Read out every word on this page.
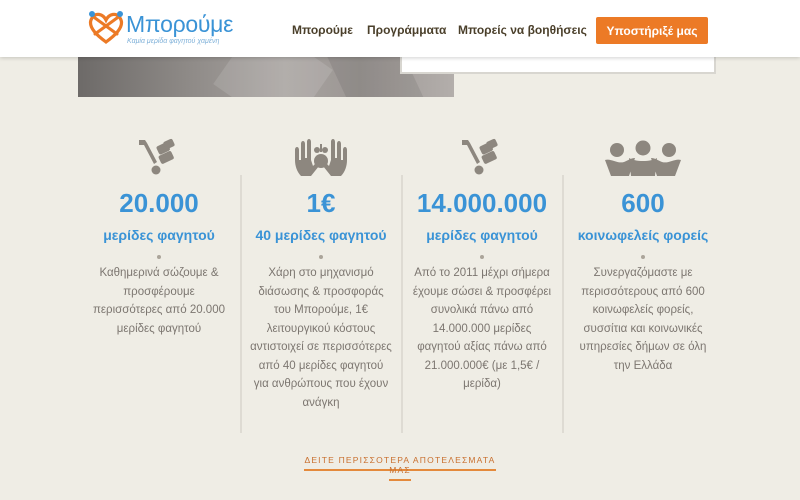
Μπορούμε
Καμία μερίδα φαγητού χαμένη
Μπορούμε Προγράμματα Μπορείς να βοηθήσεις	Υποστήριξέ μας
20.000
μερίδες φαγητού
Καθημερινά σώζουμε & προσφέρουμε περισσότερες από 20.000 μερίδες φαγητού
1€
40 μερίδες φαγητού
Χάρη στο μηχανισμό διάσωσης & προσφοράς του Μπορούμε, 1€ λειτουργικού κόστους αντιστοιχεί σε περισσότερες από 40 μερίδες φαγητού για ανθρώπους που έχουν ανάγκη
14.000.000
μερίδες φαγητού
Από το 2011 μέχρι σήμερα έχουμε σώσει & προσφέρει συνολικά πάνω από 14.000.000 μερίδες φαγητού αξίας πάνω από 21.000.000€ (με 1,5€ / μερίδα)
600
κοινωφελείς φορείς
Συνεργαζόμαστε με περισσότερους από 600 κοινωφελείς φορείς, συσσίτια και κοινωνικές υπηρεσίες δήμων σε όλη την Ελλάδα
ΔΕΙΤΕ ΠΕΡΙΣΣΟΤΕΡΑ ΑΠΟΤΕΛΕΣΜΑΤΑ ΜΑΣ
